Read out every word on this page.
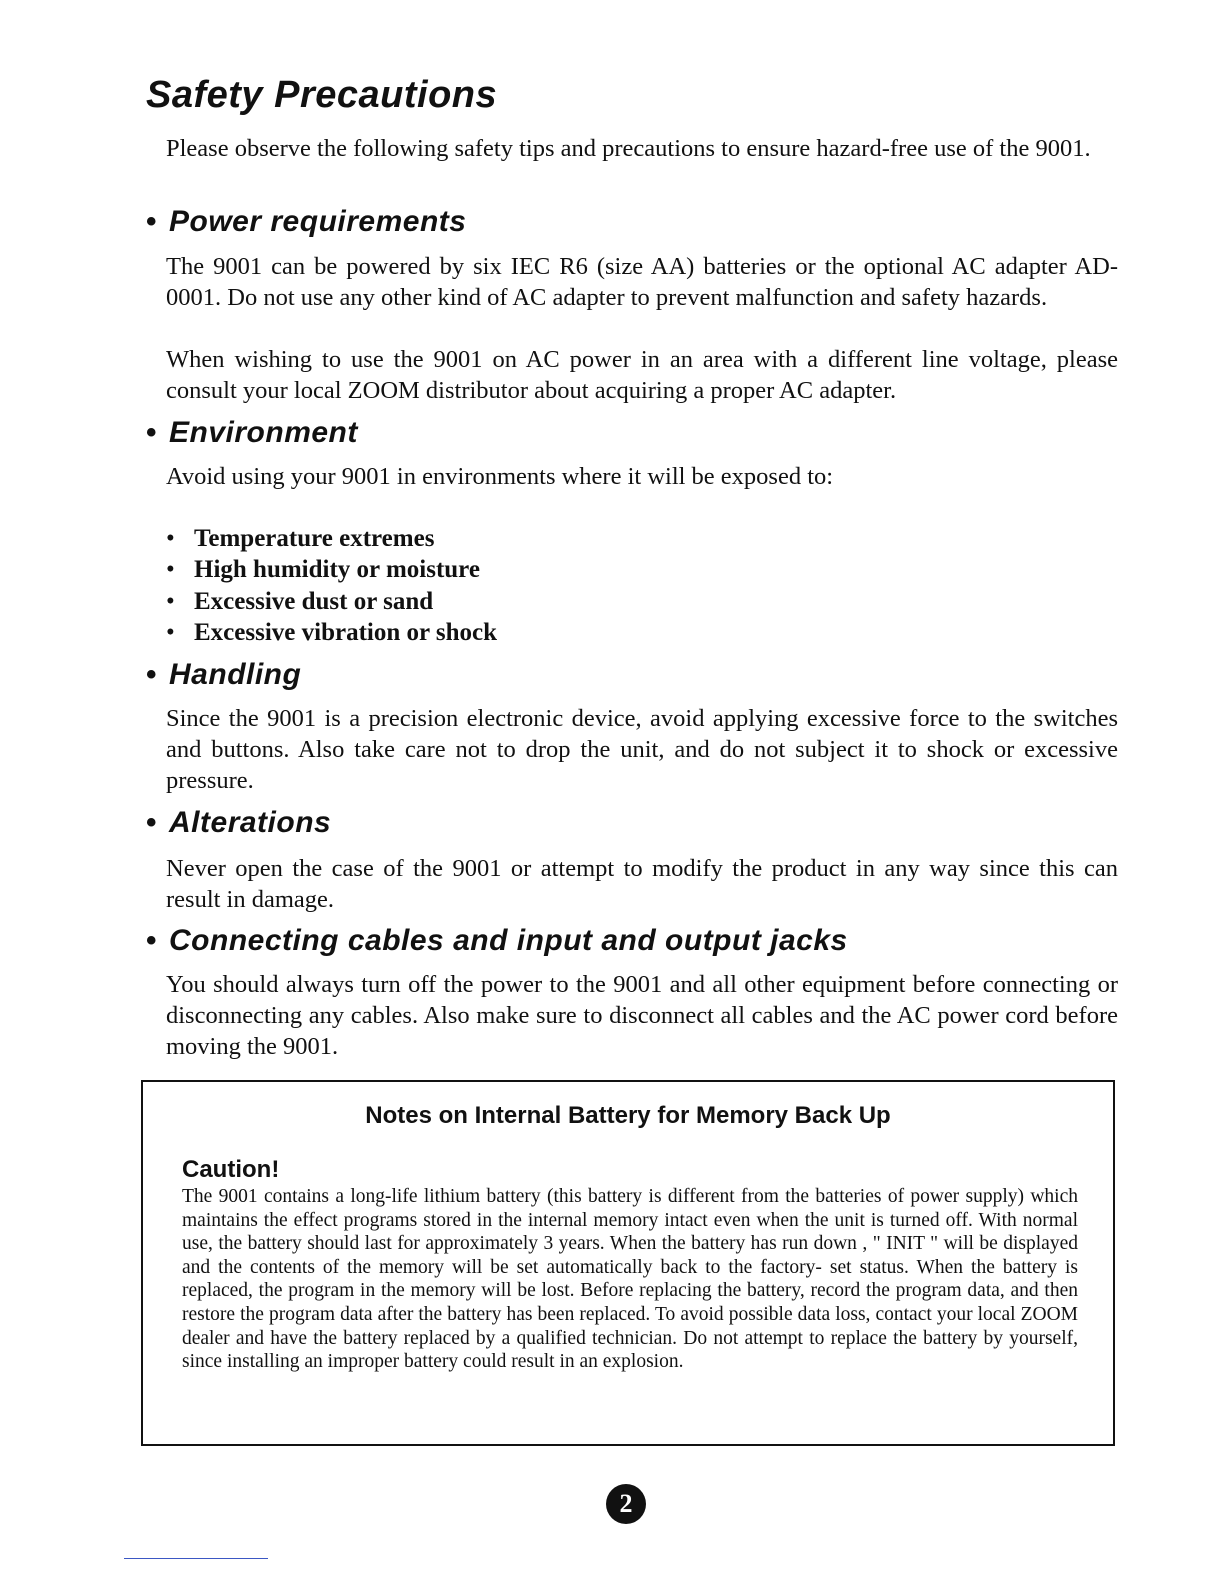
Safety Precautions

Please observe the following safety tips and precautions to ensure hazard-free use of the 9001.

• Power requirements

The 9001 can be powered by six IEC R6 (size AA) batteries or the optional AC adapter AD-0001. Do not use any other kind of AC adapter to prevent malfunction and safety hazards.

When wishing to use the 9001 on AC power in an area with a different line voltage, please consult your local ZOOM distributor about acquiring a proper AC adapter.

• Environment

Avoid using your 9001 in environments where it will be exposed to:

• Temperature extremes
• High humidity or moisture
• Excessive dust or sand
• Excessive vibration or shock
• Handling

Since the 9001 is a precision electronic device, avoid applying excessive force to the switches and buttons. Also take care not to drop the unit, and do not subject it to shock or excessive pressure.

• Alterations

Never open the case of the 9001 or attempt to modify the product in any way since this can result in damage.

• Connecting cables and input and output jacks

You should always turn off the power to the 9001 and all other equipment before connecting or disconnecting any cables. Also make sure to disconnect all cables and the AC power cord before moving the 9001.

Notes on Internal Battery for Memory Back Up
Caution!

The 9001 contains a long-life lithium battery (this battery is different from the batteries of power supply) which maintains the effect programs stored in the internal memory intact even when the unit is turned off. With normal use, the battery should last for approximately 3 years. When the battery has run down , " INIT " will be displayed and the contents of the memory will be set automatically back to the factory- set status. When the battery is replaced, the program in the memory will be lost. Before replacing the battery, record the program data, and then restore the program data after the battery has been replaced. To avoid possible data loss, contact your local ZOOM dealer and have the battery replaced by a qualified technician. Do not attempt to replace the battery by yourself, since installing an improper battery could result in an explosion.

2
